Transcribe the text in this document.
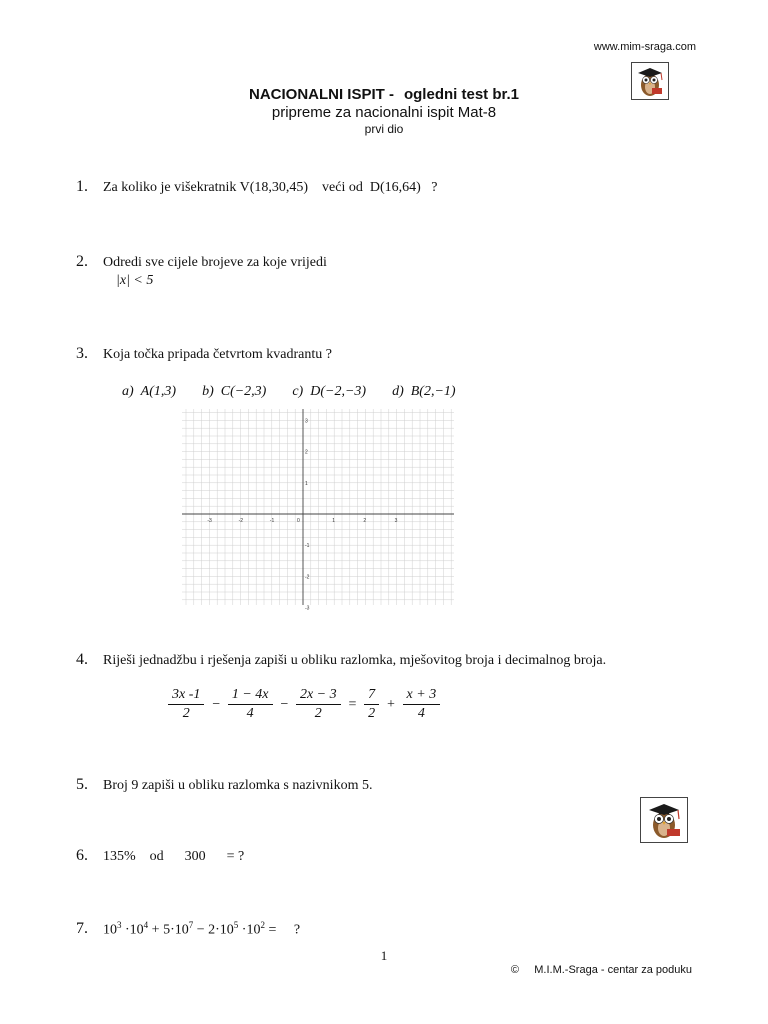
www.mim-sraga.com
NACIONALNI ISPIT - ogledni test br.1
pripreme za nacionalni ispit Mat-8
prvi dio
1. Za koliko je višekratnik V(18,30,45)    veći od  D(16,64)   ?
2. Odredi sve cijele brojeve za koje vrijedi
|x| < 5
3. Koja točka pripada četvrtom kvadrantu ?
a) A(1,3) b) C(−2,3) c) D(−2,−3) d) B(2,−1)
-3	-2	-1	0	1	2	3
3
2
1
-1
-2
-3
4. Riješi jednadžbu i rješenja zapiši u obliku razlomka, mješovitog broja i decimalnog broja.
$\frac{3x -1}{2} - \frac{1 - 4x}{4} - \frac{2x - 3}{2} = \frac{7}{2} + \frac{x + 3}{4}$
5. Broj 9 zapiši u obliku razlomka s nazivnikom 5.
6. 135%    od      300      = ?
7. $10^3 \cdot 10^4 + 5\cdot 10^7 - 2\cdot 10^5 \cdot 10^2$ =     ?
1
©     M.I.M.-Sraga - centar za poduku
